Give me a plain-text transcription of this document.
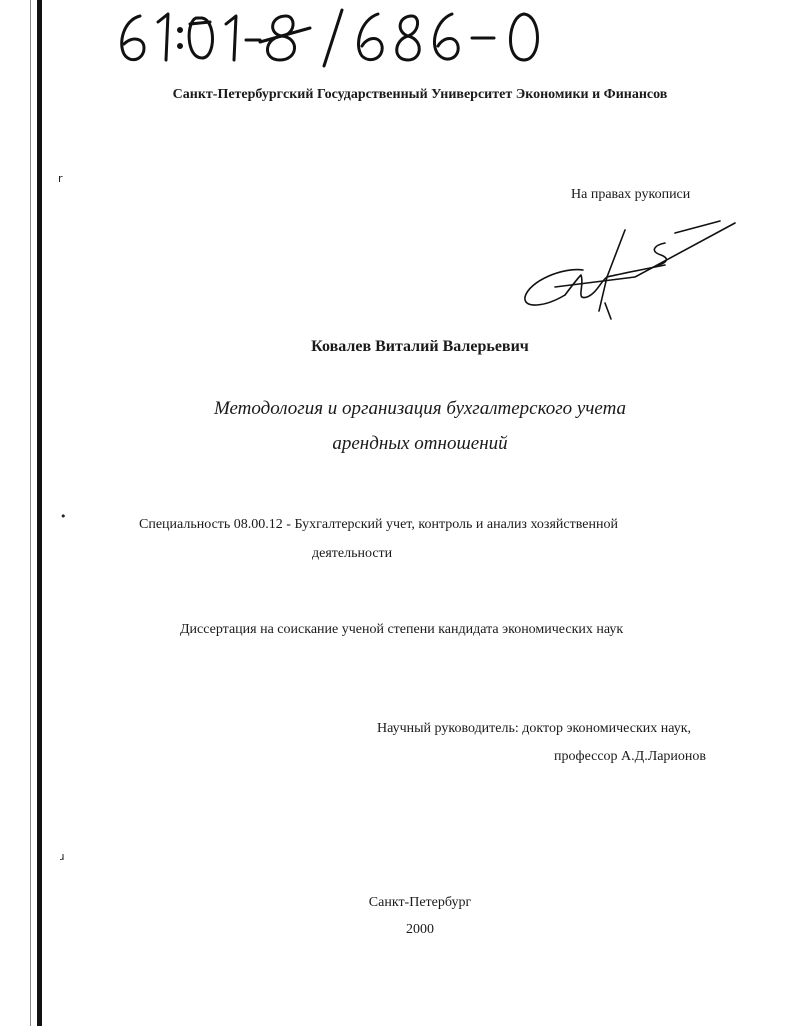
r
•
ɹ
Санкт-Петербургский Государственный Университет Экономики и Финансов
На правах рукописи
Ковалев Виталий Валерьевич
Методология и организация бухгалтерского учета
арендных отношений
Специальность 08.00.12 - Бухгалтерский учет, контроль и анализ хозяйственной
деятельности
Диссертация на соискание ученой степени кандидата экономических наук
Научный руководитель: доктор экономических наук,
профессор А.Д.Ларионов
Санкт-Петербург
2000
